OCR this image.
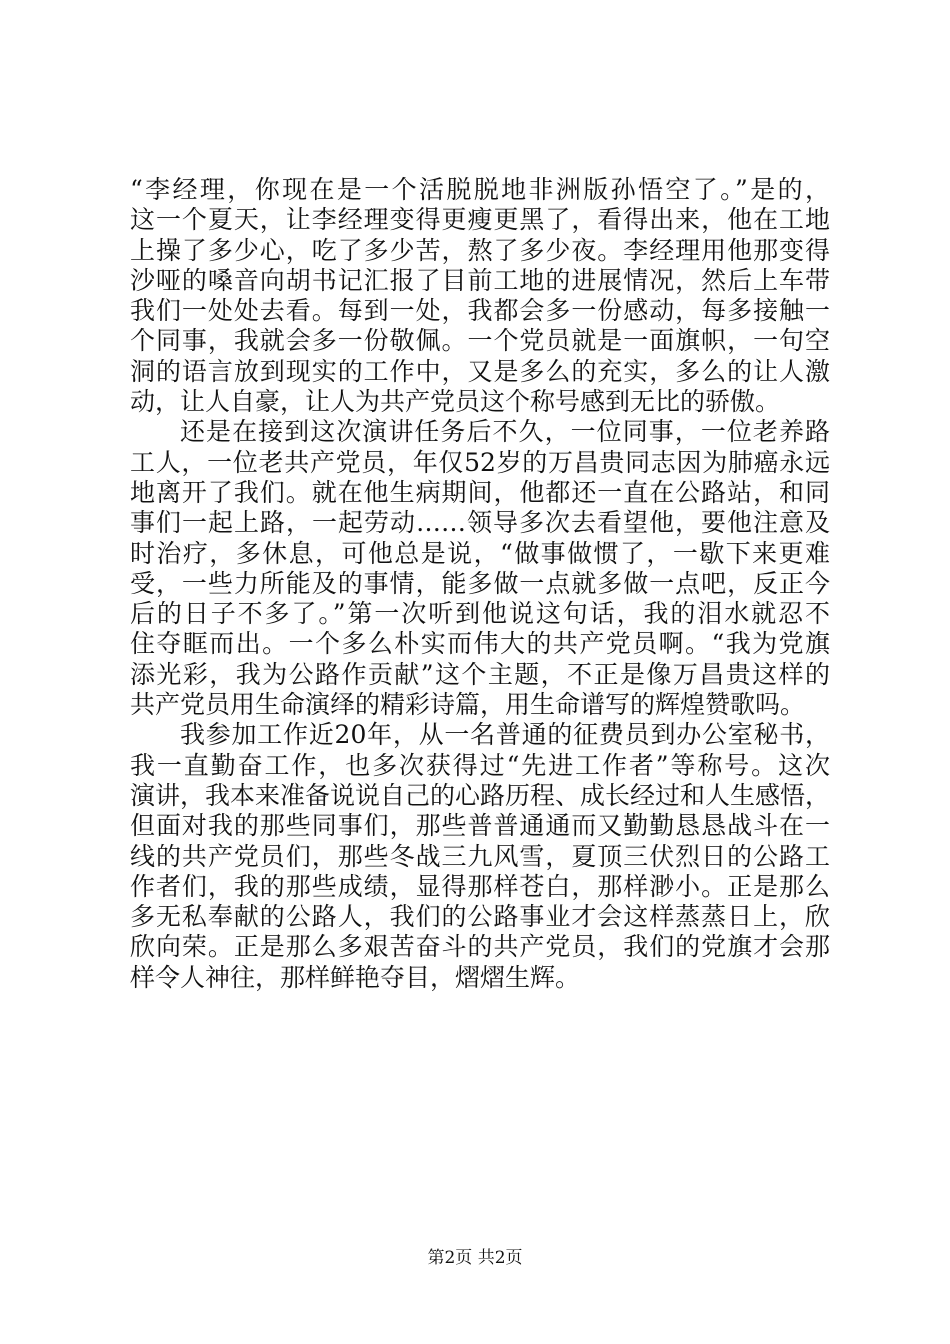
“李经理，你现在是一个活脱脱地非洲版孙悟空了。”是的，
这一个夏天，让李经理变得更瘦更黑了，看得出来，他在工地
上操了多少心，吃了多少苦，熬了多少夜。李经理用他那变得
沙哑的嗓音向胡书记汇报了目前工地的进展情况，然后上车带
我们一处处去看。每到一处，我都会多一份感动，每多接触一
个同事，我就会多一份敬佩。一个党员就是一面旗帜，一句空
洞的语言放到现实的工作中，又是多么的充实，多么的让人激
动，让人自豪，让人为共产党员这个称号感到无比的骄傲。
还是在接到这次演讲任务后不久，一位同事，一位老养路
工人，一位老共产党员，年仅52岁的万昌贵同志因为肺癌永远
地离开了我们。就在他生病期间，他都还一直在公路站，和同
事们一起上路，一起劳动……领导多次去看望他，要他注意及
时治疗，多休息，可他总是说，“做事做惯了，一歇下来更难
受，一些力所能及的事情，能多做一点就多做一点吧，反正今
后的日子不多了。”第一次听到他说这句话，我的泪水就忍不
住夺眶而出。一个多么朴实而伟大的共产党员啊。“我为党旗
添光彩，我为公路作贡献”这个主题，不正是像万昌贵这样的
共产党员用生命演绎的精彩诗篇，用生命谱写的辉煌赞歌吗。
我参加工作近20年，从一名普通的征费员到办公室秘书，
我一直勤奋工作，也多次获得过“先进工作者”等称号。这次
演讲，我本来准备说说自己的心路历程、成长经过和人生感悟，
但面对我的那些同事们，那些普普通通而又勤勤恳恳战斗在一
线的共产党员们，那些冬战三九风雪，夏顶三伏烈日的公路工
作者们，我的那些成绩，显得那样苍白，那样渺小。正是那么
多无私奉献的公路人，我们的公路事业才会这样蒸蒸日上，欣
欣向荣。正是那么多艰苦奋斗的共产党员，我们的党旗才会那
样令人神往，那样鲜艳夺目，熠熠生辉。
第2页 共2页
